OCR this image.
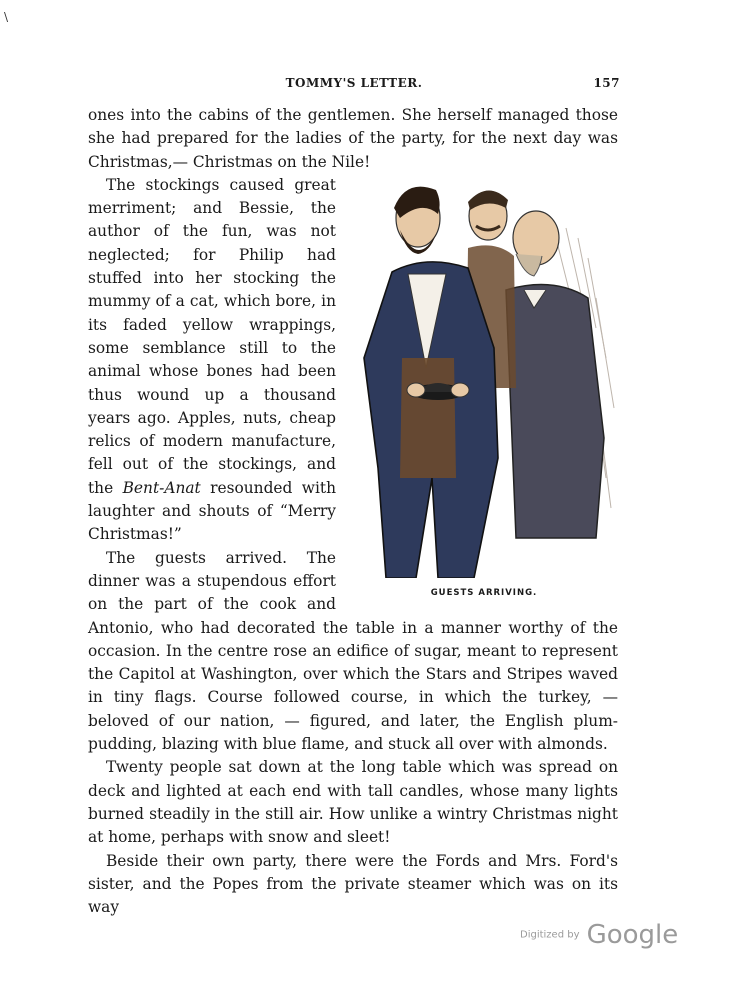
\
TOMMY'S LETTER.	157

ones into the cabins of the gentlemen. She herself managed those she had prepared for the ladies of the party, for the next day was Christmas,— Christmas on the Nile!

GUESTS ARRIVING.

The stockings caused great merriment; and Bessie, the author of the fun, was not neglected; for Philip had stuffed into her stocking the mummy of a cat, which bore, in its faded yellow wrappings, some semblance still to the animal whose bones had been thus wound up a thousand years ago. Apples, nuts, cheap relics of modern manufacture, fell out of the stockings, and the Bent-Anat resounded with laughter and shouts of “Merry Christmas!”

The guests arrived. The dinner was a stupendous effort on the part of the cook and Antonio, who had decorated the table in a manner worthy of the occasion. In the centre rose an edifice of sugar, meant to represent the Capitol at Washington, over which the Stars and Stripes waved in tiny flags. Course followed course, in which the turkey, — beloved of our nation, — figured, and later, the English plum-pudding, blazing with blue flame, and stuck all over with almonds.

Twenty people sat down at the long table which was spread on deck and lighted at each end with tall candles, whose many lights burned steadily in the still air. How unlike a wintry Christmas night at home, perhaps with snow and sleet!

Beside their own party, there were the Fords and Mrs. Ford's sister, and the Popes from the private steamer which was on its way

Digitized by Google
